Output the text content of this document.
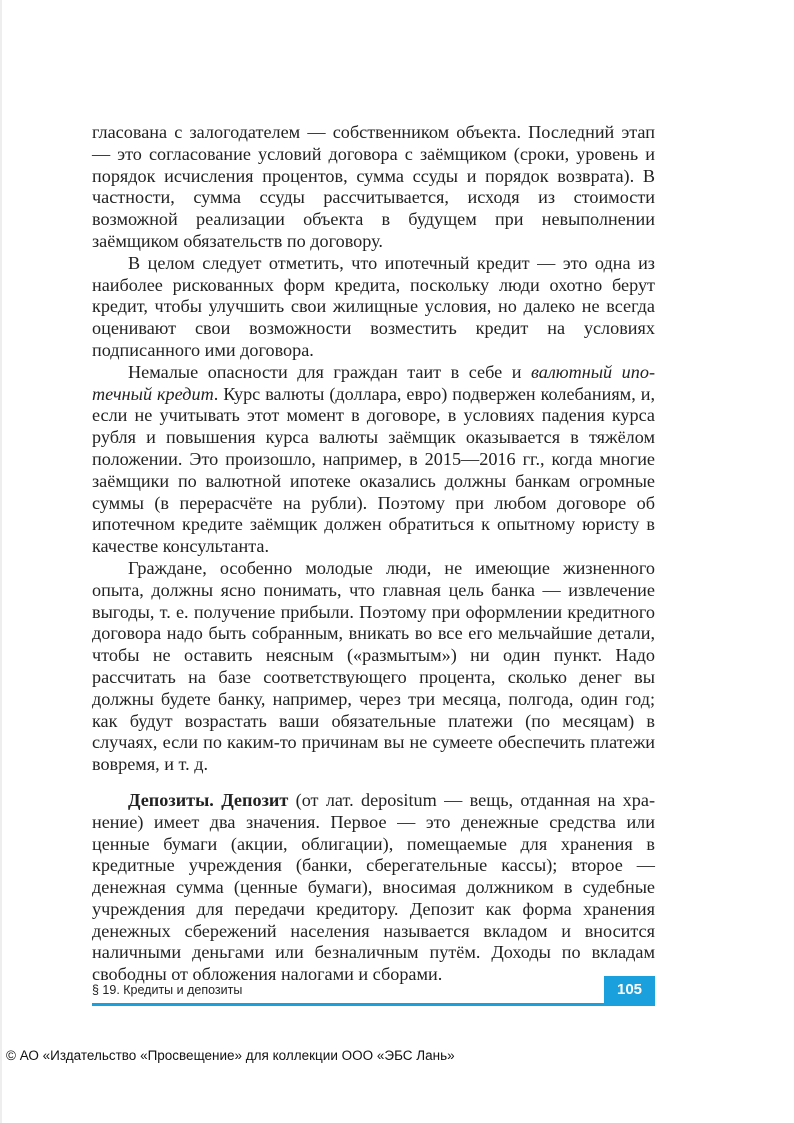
гласована с залогодателем — собственником объекта. Последний этап — это согласование условий договора с заёмщиком (сроки, уровень и порядок исчисления процентов, сумма ссуды и порядок возврата). В частности, сумма ссуды рассчитывается, исходя из стоимости возможной реализации объекта в будущем при невыполнении заёмщиком обязательств по договору.

В целом следует отметить, что ипотечный кредит — это одна из наиболее рискованных форм кредита, поскольку люди охотно берут кредит, чтобы улучшить свои жилищные условия, но далеко не всегда оценивают свои возможности возместить кредит на условиях подписанного ими договора.

Немалые опасности для граждан таит в себе и валютный ипотечный кредит. Курс валюты (доллара, евро) подвержен колебаниям, и, если не учитывать этот момент в договоре, в условиях падения курса рубля и повышения курса валюты заёмщик оказывается в тяжёлом положении. Это произошло, например, в 2015—2016 гг., когда многие заёмщики по валютной ипотеке оказались должны банкам огромные суммы (в перерасчёте на рубли). Поэтому при любом договоре об ипотечном кредите заёмщик должен обратиться к опытному юристу в качестве консультанта.

Граждане, особенно молодые люди, не имеющие жизненного опыта, должны ясно понимать, что главная цель банка — извлечение выгоды, т. е. получение прибыли. Поэтому при оформлении кредитного договора надо быть собранным, вникать во все его мельчайшие детали, чтобы не оставить неясным («размытым») ни один пункт. Надо рассчитать на базе соответствующего процента, сколько денег вы должны будете банку, например, через три месяца, полгода, один год; как будут возрастать ваши обязательные платежи (по месяцам) в случаях, если по каким-то причинам вы не сумеете обеспечить платежи вовремя, и т. д.

Депозиты. Депозит (от лат. depositum — вещь, отданная на хранение) имеет два значения. Первое — это денежные средства или ценные бумаги (акции, облигации), помещаемые для хранения в кредитные учреждения (банки, сберегательные кассы); второе — денежная сумма (ценные бумаги), вносимая должником в судебные учреждения для передачи кредитору. Депозит как форма хранения денежных сбережений населения называется вкладом и вносится наличными деньгами или безналичным путём. Доходы по вкладам свободны от обложения налогами и сборами.

§ 19. Кредиты и депозиты	105
© АО «Издательство «Просвещение» для коллекции ООО «ЭБС Лань»
